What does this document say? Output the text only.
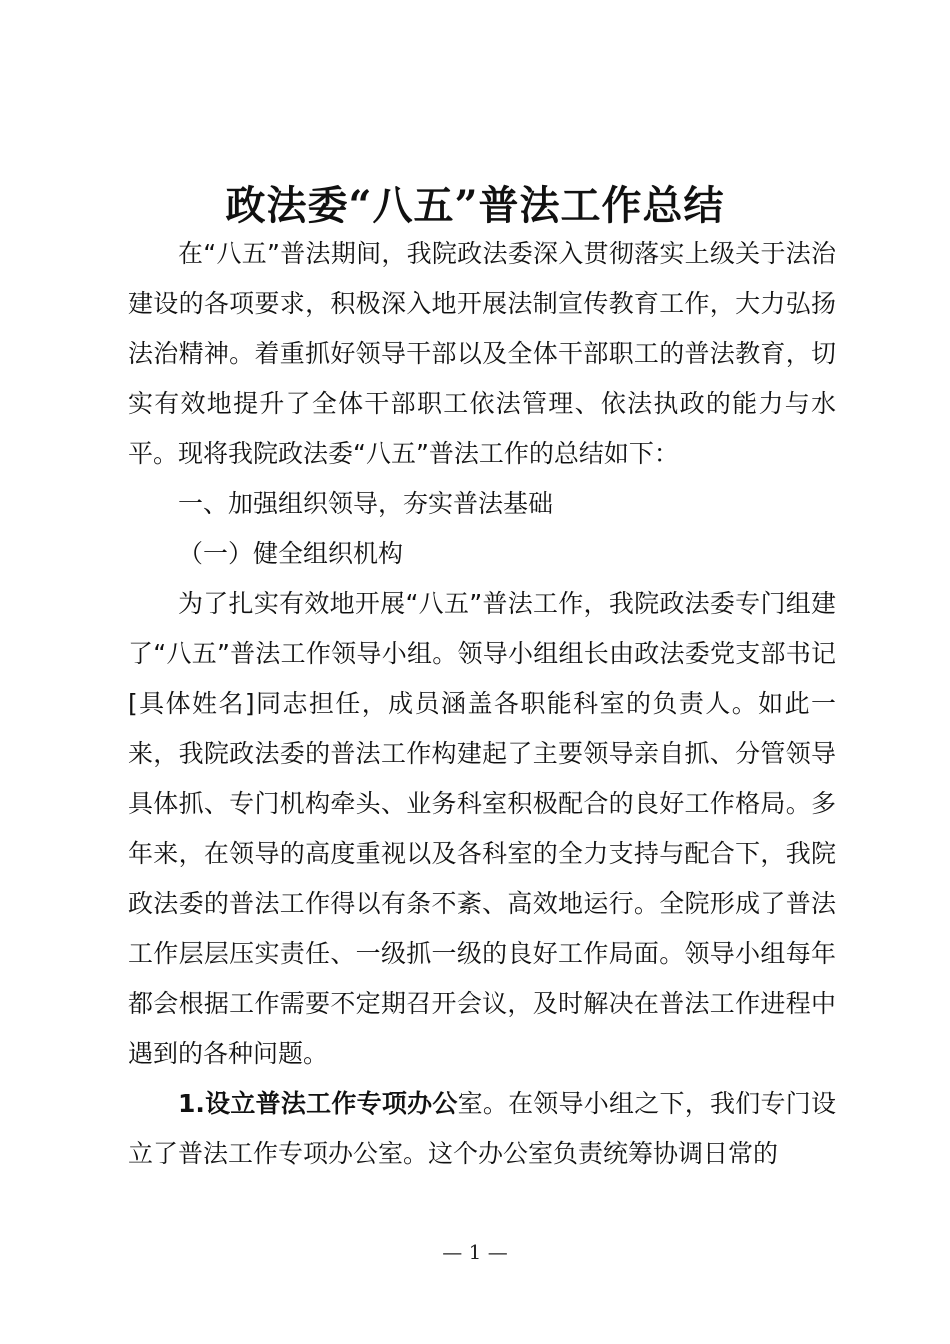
政法委“八五”普法工作总结

在“八五”普法期间，我院政法委深入贯彻落实上级关于法治建设的各项要求，积极深入地开展法制宣传教育工作，大力弘扬法治精神。着重抓好领导干部以及全体干部职工的普法教育，切实有效地提升了全体干部职工依法管理、依法执政的能力与水平。现将我院政法委“八五”普法工作的总结如下：

一、加强组织领导，夯实普法基础

（一）健全组织机构

为了扎实有效地开展“八五”普法工作，我院政法委专门组建了“八五”普法工作领导小组。领导小组组长由政法委党支部书记[具体姓名]同志担任，成员涵盖各职能科室的负责人。如此一来，我院政法委的普法工作构建起了主要领导亲自抓、分管领导具体抓、专门机构牵头、业务科室积极配合的良好工作格局。多年来，在领导的高度重视以及各科室的全力支持与配合下，我院政法委的普法工作得以有条不紊、高效地运行。全院形成了普法工作层层压实责任、一级抓一级的良好工作局面。领导小组每年都会根据工作需要不定期召开会议，及时解决在普法工作进程中遇到的各种问题。

1.设立普法工作专项办公室。在领导小组之下，我们专门设立了普法工作专项办公室。这个办公室负责统筹协调日常的

— 1 —
